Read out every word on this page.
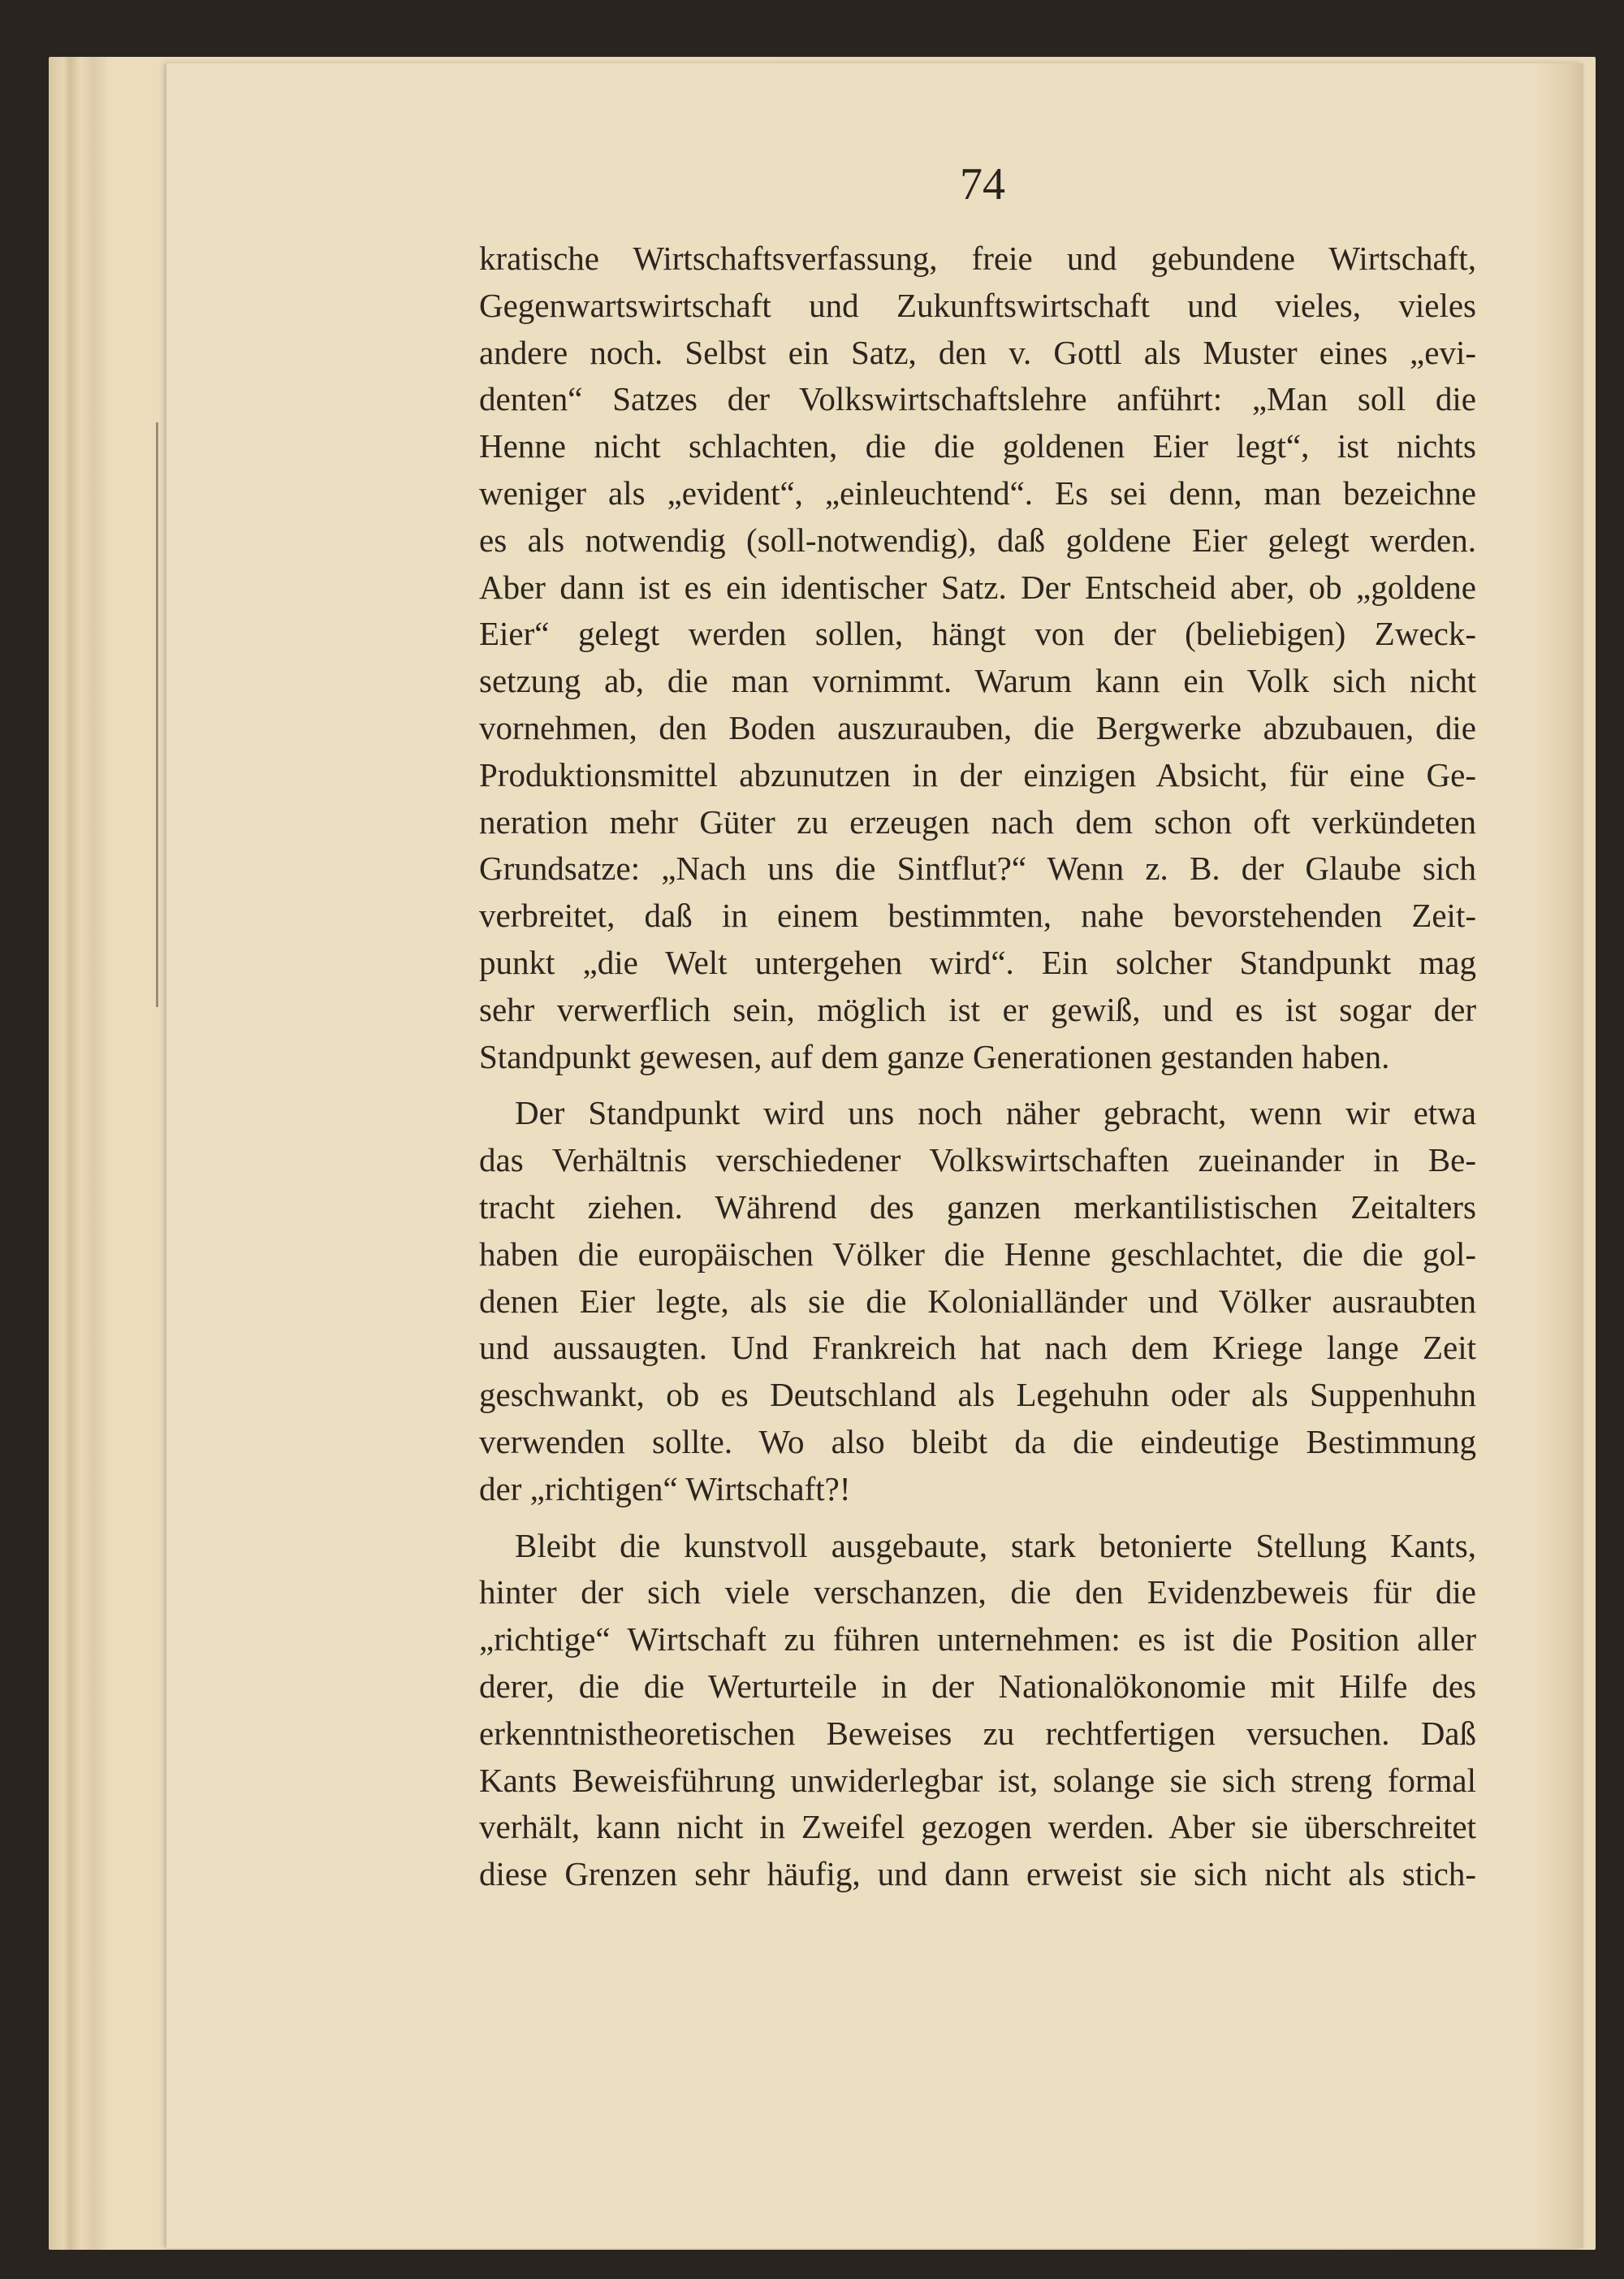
74
kratische Wirtschaftsverfassung, freie und gebundene Wirtschaft,
Gegenwartswirtschaft und Zukunftswirtschaft und vieles, vieles
andere noch. Selbst ein Satz, den v. Gottl als Muster eines „evi-
denten“ Satzes der Volkswirtschaftslehre anführt: „Man soll die
Henne nicht schlachten, die die goldenen Eier legt“, ist nichts
weniger als „evident“, „einleuchtend“. Es sei denn, man bezeichne
es als notwendig (soll-notwendig), daß goldene Eier gelegt werden.
Aber dann ist es ein identischer Satz. Der Entscheid aber, ob „goldene
Eier“ gelegt werden sollen, hängt von der (beliebigen) Zweck-
setzung ab, die man vornimmt. Warum kann ein Volk sich nicht
vornehmen, den Boden auszurauben, die Bergwerke abzubauen, die
Produktionsmittel abzunutzen in der einzigen Absicht, für eine Ge-
neration mehr Güter zu erzeugen nach dem schon oft verkündeten
Grundsatze: „Nach uns die Sintflut?“ Wenn z. B. der Glaube sich
verbreitet, daß in einem bestimmten, nahe bevorstehenden Zeit-
punkt „die Welt untergehen wird“. Ein solcher Standpunkt mag
sehr verwerflich sein, möglich ist er gewiß, und es ist sogar der
Standpunkt gewesen, auf dem ganze Generationen gestanden haben.
Der Standpunkt wird uns noch näher gebracht, wenn wir etwa
das Verhältnis verschiedener Volkswirtschaften zueinander in Be-
tracht ziehen. Während des ganzen merkantilistischen Zeitalters
haben die europäischen Völker die Henne geschlachtet, die die gol-
denen Eier legte, als sie die Kolonialländer und Völker ausraubten
und aussaugten. Und Frankreich hat nach dem Kriege lange Zeit
geschwankt, ob es Deutschland als Legehuhn oder als Suppenhuhn
verwenden sollte. Wo also bleibt da die eindeutige Bestimmung
der „richtigen“ Wirtschaft?!
Bleibt die kunstvoll ausgebaute, stark betonierte Stellung Kants,
hinter der sich viele verschanzen, die den Evidenzbeweis für die
„richtige“ Wirtschaft zu führen unternehmen: es ist die Position aller
derer, die die Werturteile in der Nationalökonomie mit Hilfe des
erkenntnistheoretischen Beweises zu rechtfertigen versuchen. Daß
Kants Beweisführung unwiderlegbar ist, solange sie sich streng formal
verhält, kann nicht in Zweifel gezogen werden. Aber sie überschreitet
diese Grenzen sehr häufig, und dann erweist sie sich nicht als stich-
